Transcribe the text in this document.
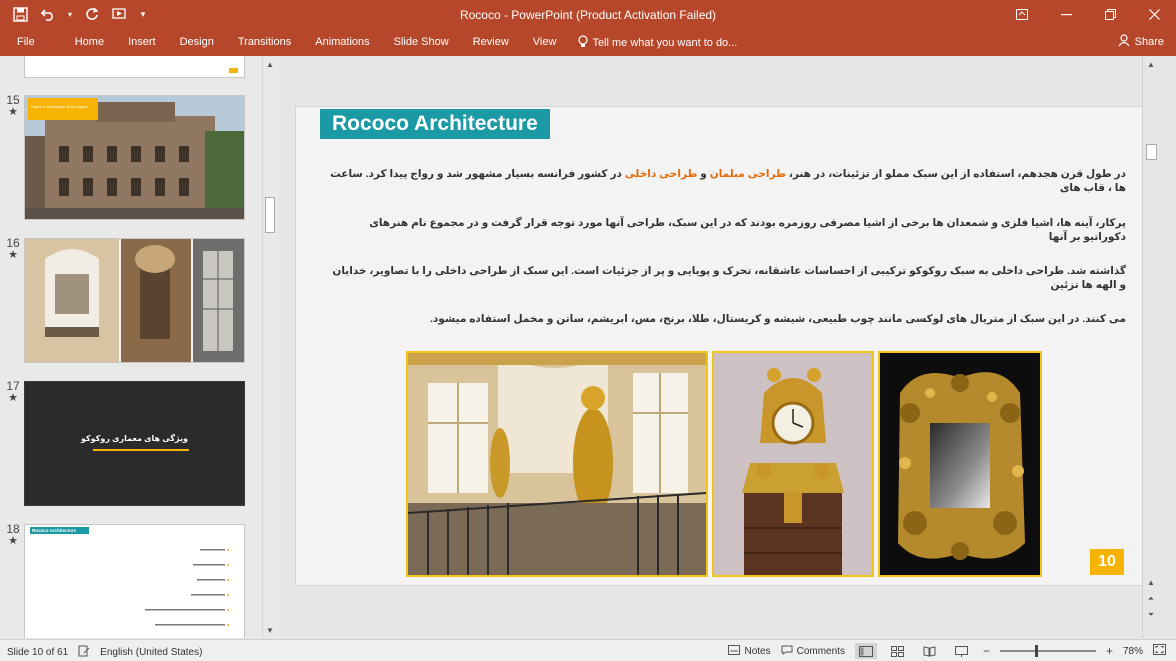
▾	▾	Rococo - PowerPoint (Product Activation Failed)
File	Home	Insert	Design	Transitions	Animations	Slide Show	Review	View	Tell me what you want to do...	Share
15
★	Palace of the Marquis de Dos Aguas
16
★
17
★
ویژگی های معماری روکوکو
18
★
Rococo Architecture
▲
▼
Rococo Architecture
در طول قرن هجدهم، استفاده از این سبک مملو از تزئینات، در هنر، طراحی مبلمان و طراحی داخلی در کشور فرانسه بسیار مشهور شد و رواج پیدا کرد. ساعت ها ، قاب های
پرکار، آینه ها، اشیا فلزی و شمعدان ها برخی از اشیا مصرفی روزمره بودند که در این سبک، طراحی آنها مورد توجه قرار گرفت و در مجموع نام هنرهای دکوراتیو بر آنها
گذاشته شد. طراحی داخلی به سبک روکوکو ترکیبی از احساسات عاشقانه، تحرک و پویایی و پر از جزئیات است. این سبک از طراحی داخلی را با تصاویر، خدایان و الهه ها تزئین
می کنند. در این سبک از متریال های لوکسی مانند چوب طبیعی، شیشه و کریستال، طلا، برنج، مس، ابریشم، ساتن و مخمل استفاده میشود.
10
▲
▲
⏶
⏷
Slide 10 of 61	English (United States)	Notes	Comments	−	+ 78%
